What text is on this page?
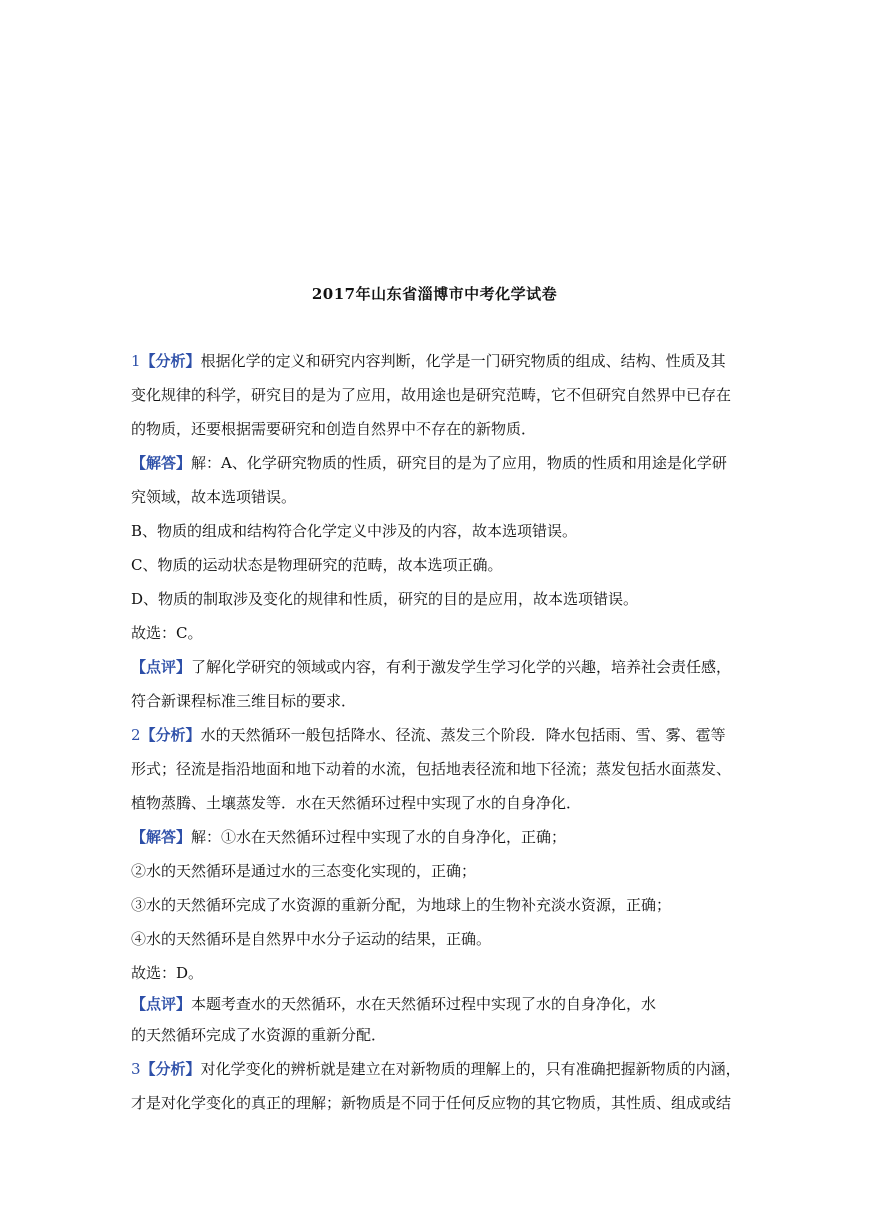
2017年山东省淄博市中考化学试卷
1【分析】根据化学的定义和研究内容判断，化学是一门研究物质的组成、结构、性质及其
变化规律的科学，研究目的是为了应用，故用途也是研究范畴，它不但研究自然界中已存在
的物质，还要根据需要研究和创造自然界中不存在的新物质．
【解答】解：A、化学研究物质的性质，研究目的是为了应用，物质的性质和用途是化学研
究领域，故本选项错误。
B、物质的组成和结构符合化学定义中涉及的内容，故本选项错误。
C、物质的运动状态是物理研究的范畴，故本选项正确。
D、物质的制取涉及变化的规律和性质，研究的目的是应用，故本选项错误。
故选：C。
【点评】了解化学研究的领域或内容，有利于激发学生学习化学的兴趣，培养社会责任感，
符合新课程标准三维目标的要求．
2【分析】水的天然循环一般包括降水、径流、蒸发三个阶段．降水包括雨、雪、雾、雹等
形式；径流是指沿地面和地下动着的水流，包括地表径流和地下径流；蒸发包括水面蒸发、
植物蒸腾、土壤蒸发等．水在天然循环过程中实现了水的自身净化．
【解答】解：①水在天然循环过程中实现了水的自身净化，正确；
②水的天然循环是通过水的三态变化实现的，正确；
③水的天然循环完成了水资源的重新分配，为地球上的生物补充淡水资源，正确；
④水的天然循环是自然界中水分子运动的结果，正确。
故选：D。
【点评】本题考查水的天然循环，水在天然循环过程中实现了水的自身净化，水
的天然循环完成了水资源的重新分配．
3【分析】对化学变化的辨析就是建立在对新物质的理解上的，只有准确把握新物质的内涵，
才是对化学变化的真正的理解；新物质是不同于任何反应物的其它物质，其性质、组成或结
